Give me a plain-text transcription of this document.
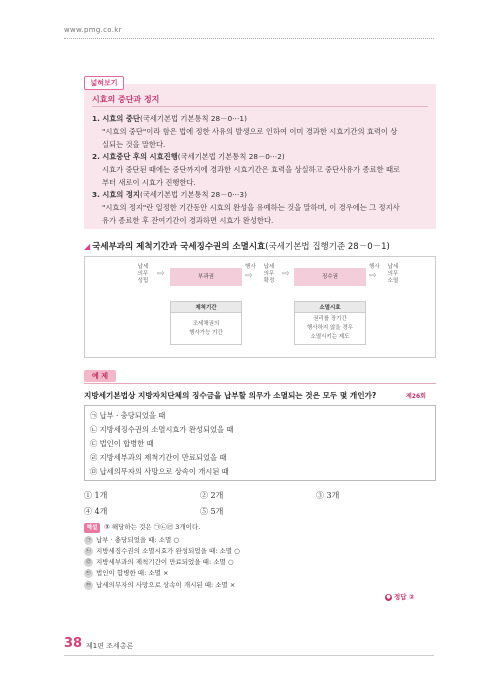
www.pmg.co.kr
넓혀보기
시효의 중단과 정지
1. 시효의 중단(국세기본법 기본통칙 28－0⋯1)
"시효의 중단"이라 함은 법에 정한 사유의 발생으로 인하여 이미 경과한 시효기간의 효력이 상
실되는 것을 말한다.
2. 시효중단 후의 시효진행(국세기본법 기본통칙 28－0⋯2)
시효가 중단된 때에는 중단까지에 경과한 시효기간은 효력을 상실하고 중단사유가 종료한 때로
부터 새로이 시효가 진행한다.
3. 시효의 정지(국세기본법 기본통칙 28－0⋯3)
"시효의 정지"란 일정한 기간동안 시효의 완성을 유예하는 것을 말하며, 이 경우에는 그 정지사
유가 종료한 후 잔여기간이 경과하면 시효가 완성한다.
◢ 국세부과의 제척기간과 국세징수권의 소멸시효(국세기본법 집행기준 28－0－1)
납세
의무
성립
⇨	부과권
행사
⇨
납세
의무
확정
⇨	징수권
행사
⇨
납세
의무
소멸
제척기간
조세채권의
행사가능 기간
소멸시효
권리를 장기간
행사하지 않을 경우
소멸시키는 제도
예 제
지방세기본법상 지방자치단체의 징수금을 납부할 의무가 소멸되는 것은 모두 몇 개인가?	제26회
㉠ 납부 · 충당되었을 때
㉡ 지방세징수권의 소멸시효가 완성되었을 때
㉢ 법인이 합병한 때
㉣ 지방세부과의 제척기간이 만료되었을 때
㉤ 납세의무자의 사망으로 상속이 개시된 때
① 1개	② 2개	③ 3개
④ 4개	⑤ 5개
해설	③ 해당하는 것은 ㉠㉡㉣ 3개이다.
㉠ 납부 · 충당되었을 때: 소멸 ○
㉡ 지방세징수권의 소멸시효가 완성되었을 때: 소멸 ○
㉣ 지방세부과의 제척기간이 만료되었을 때: 소멸 ○
㉢ 법인이 합병한 때: 소멸 ×
㉤ 납세의무자의 사망으로 상속이 개시된 때: 소멸 ×
● 정답 ②
38 제1편 조세총론
